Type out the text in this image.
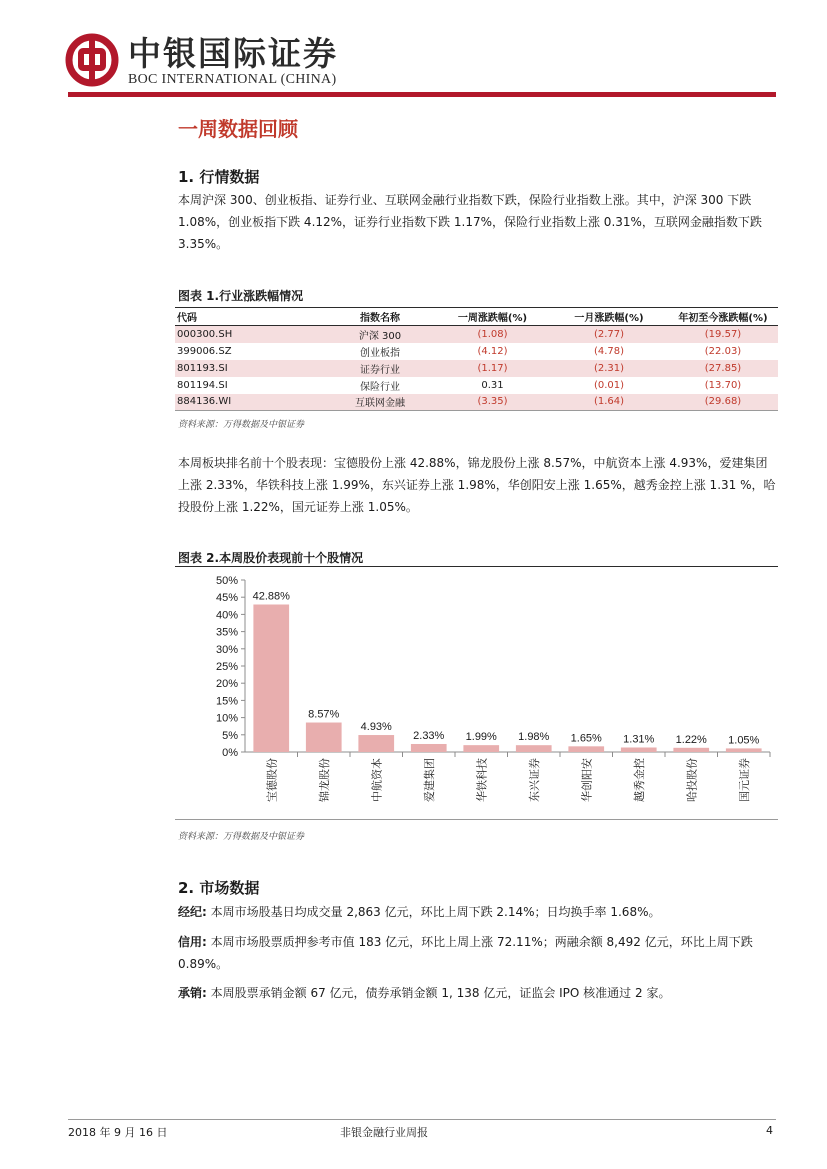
中银国际证券
BOC INTERNATIONAL (CHINA)
一周数据回顾
1. 行情数据
本周沪深 300、创业板指、证券行业、互联网金融行业指数下跌，保险行业指数上涨。其中，沪深 300 下跌 1.08%，创业板指下跌 4.12%，证券行业指数下跌 1.17%，保险行业指数上涨 0.31%，互联网金融指数下跌 3.35%。
图表 1.行业涨跌幅情况
代码	指数名称	一周涨跌幅(%)	一月涨跌幅(%)	年初至今涨跌幅(%)
000300.SH	沪深 300	(1.08)	(2.77)	(19.57)
399006.SZ	创业板指	(4.12)	(4.78)	(22.03)
801193.SI	证券行业	(1.17)	(2.31)	(27.85)
801194.SI	保险行业	0.31	(0.01)	(13.70)
884136.WI	互联网金融	(3.35)	(1.64)	(29.68)
资料来源：万得数据及中银证券
本周板块排名前十个股表现：宝德股份上涨 42.88%，锦龙股份上涨 8.57%，中航资本上涨 4.93%，爱建集团上涨 2.33%，华铁科技上涨 1.99%，东兴证券上涨 1.98%，华创阳安上涨 1.65%，越秀金控上涨 1.31 %，哈投股份上涨 1.22%，国元证券上涨 1.05%。
图表 2.本周股价表现前十个股情况
0%
5%
10%
15%
20%
25%
30%
35%
40%
45%
50%
42.88%
宝德股份
8.57%
锦龙股份
4.93%
中航资本
2.33%
爱建集团
1.99%
华铁科技
1.98%
东兴证券
1.65%
华创阳安
1.31%
越秀金控
1.22%
哈投股份
1.05%
国元证券
资料来源：万得数据及中银证券
2. 市场数据
经纪: 本周市场股基日均成交量 2,863 亿元，环比上周下跌 2.14%；日均换手率 1.68%。
信用: 本周市场股票质押参考市值 183 亿元，环比上周上涨 72.11%；两融余额 8,492 亿元，环比上周下跌 0.89%。
承销: 本周股票承销金额 67 亿元，债券承销金额 1, 138 亿元，证监会 IPO 核准通过 2 家。
2018 年 9 月 16 日	非银金融行业周报	4
